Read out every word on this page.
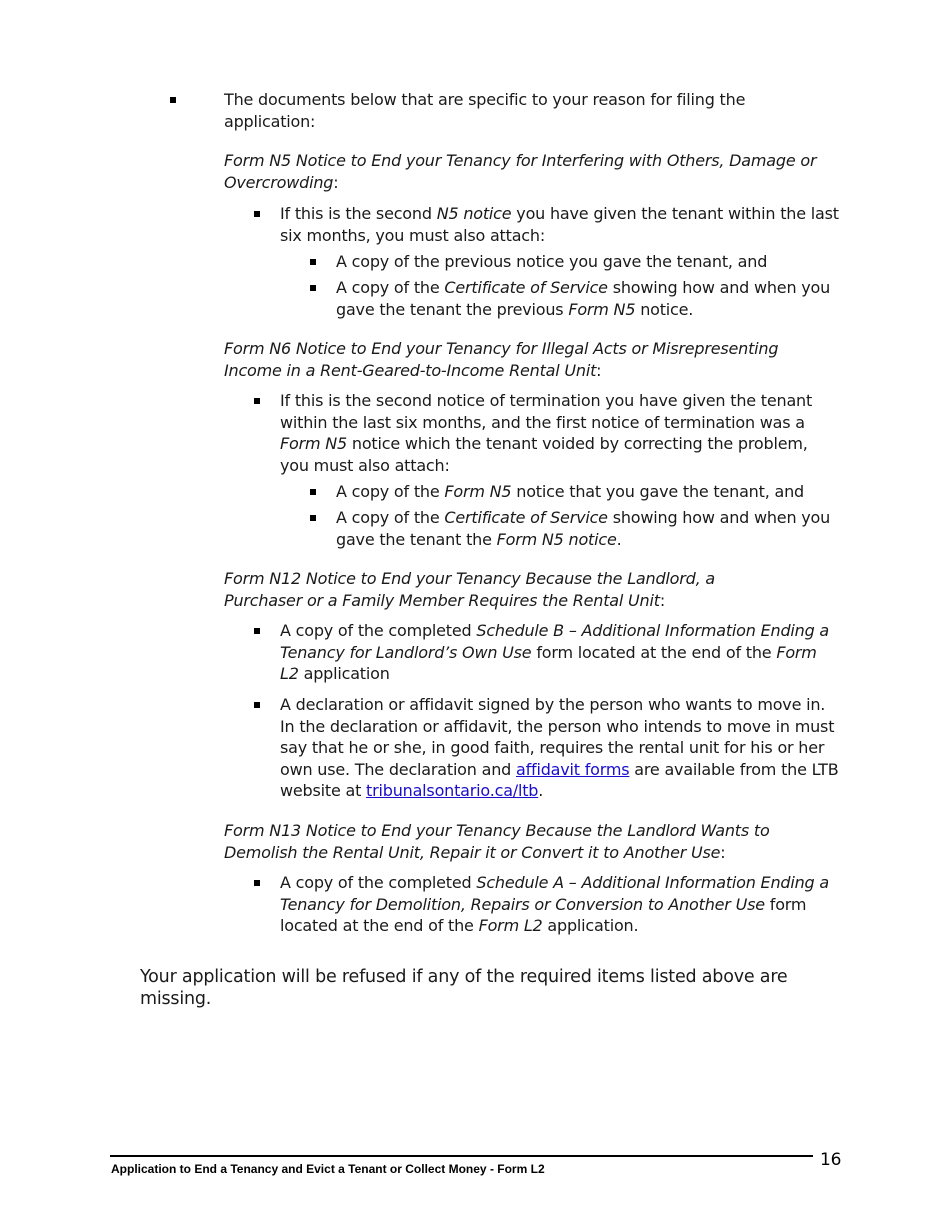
The documents below that are specific to your reason for filing the application:
Form N5 Notice to End your Tenancy for Interfering with Others, Damage or Overcrowding:
If this is the second N5 notice you have given the tenant within the last six months, you must also attach:
A copy of the previous notice you gave the tenant, and
A copy of the Certificate of Service showing how and when you gave the tenant the previous Form N5 notice.
Form N6 Notice to End your Tenancy for Illegal Acts or Misrepresenting Income in a Rent-Geared-to-Income Rental Unit:
If this is the second notice of termination you have given the tenant within the last six months, and the first notice of termination was a Form N5 notice which the tenant voided by correcting the problem, you must also attach:
A copy of the Form N5 notice that you gave the tenant, and
A copy of the Certificate of Service showing how and when you gave the tenant the Form N5 notice.
Form N12 Notice to End your Tenancy Because the Landlord, a Purchaser or a Family Member Requires the Rental Unit:
A copy of the completed Schedule B – Additional Information Ending a Tenancy for Landlord’s Own Use form located at the end of the Form L2 application
A declaration or affidavit signed by the person who wants to move in. In the declaration or affidavit, the person who intends to move in must say that he or she, in good faith, requires the rental unit for his or her own use. The declaration and affidavit forms are available from the LTB website at tribunalsontario.ca/ltb.
Form N13 Notice to End your Tenancy Because the Landlord Wants to Demolish the Rental Unit, Repair it or Convert it to Another Use:
A copy of the completed Schedule A – Additional Information Ending a Tenancy for Demolition, Repairs or Conversion to Another Use form located at the end of the Form L2 application.
Your application will be refused if any of the required items listed above are missing.
16
Application to End a Tenancy and Evict a Tenant or Collect Money - Form L2
